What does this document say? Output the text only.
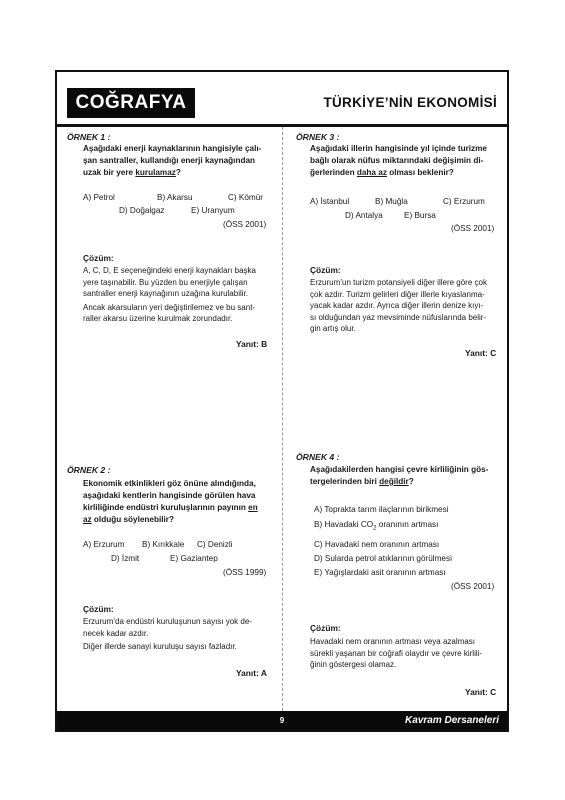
COĞRAFYA	TÜRKİYE’NİN EKONOMİSİ
ÖRNEK 1 :
Aşağıdaki enerji kaynaklarının hangisiyle çalı-
şan santraller, kullandığı enerji kaynağından
uzak bir yere kurulamaz?
A) Petrol	B) Akarsu	C) Kömür
D) Doğalgaz	E) Uranyum
(ÖSS 2001)
Çözüm:
A, C, D, E seçeneğindeki enerji kaynakları başka
yere taşınabilir. Bu yüzden bu enerjiyle çalışan
santraller enerji kaynağının uzağına kurulabilir.
Ancak akarsuların yeri değiştirilemez ve bu sant-
raller akarsu üzerine kurulmak zorundadır.
Yanıt: B
ÖRNEK 2 :
Ekonomik etkinlikleri göz önüne alındığında,
aşağıdaki kentlerin hangisinde görülen hava
kirliliğinde endüstri kuruluşlarının payının en
az olduğu söylenebilir?
A) Erzurum B) Kırıkkale C) Denizli
D) İzmit	E) Gaziantep
(ÖSS 1999)
Çözüm:
Erzurum’da endüstri kuruluşunun sayısı yok de-
necek kadar azdır.
Diğer illerde sanayi kuruluşu sayısı fazladır.
Yanıt: A
ÖRNEK 3 :
Aşağıdaki illerin hangisinde yıl içinde turizme
bağlı olarak nüfus miktarındaki değişimin di-
ğerlerinden daha az olması beklenir?
A) İstanbul	B) Muğla	C) Erzurum
D) Antalya	E) Bursa
(ÖSS 2001)
Çözüm:
Erzurum’un turizm potansiyeli diğer illere göre çok
çok azdır. Turizm gelirleri diğer illerle kıyaslanma-
yacak kadar azdır. Ayrıca diğer illerin denize kıyı-
sı olduğundan yaz mevsiminde nüfuslarında belir-
gin artış olur.
Yanıt: C
ÖRNEK 4 :
Aşağıdakilerden hangisi çevre kirliliğinin gös-
tergelerinden biri değildir?
A) Toprakta tarım ilaçlarının birikmesi
B) Havadaki $CO_2$ oranının artması
C) Havadaki nem oranının artması
D) Sularda petrol atıklarının görülmesi
E) Yağışlardaki asit oranının artması
(ÖSS 2001)
Çözüm:
Havadaki nem oranının artması veya azalması
sürekli yaşanan bir coğrafi olaydır ve çevre kirlili-
ğinin göstergesi olamaz.
Yanıt: C
9	Kavram Dersaneleri
